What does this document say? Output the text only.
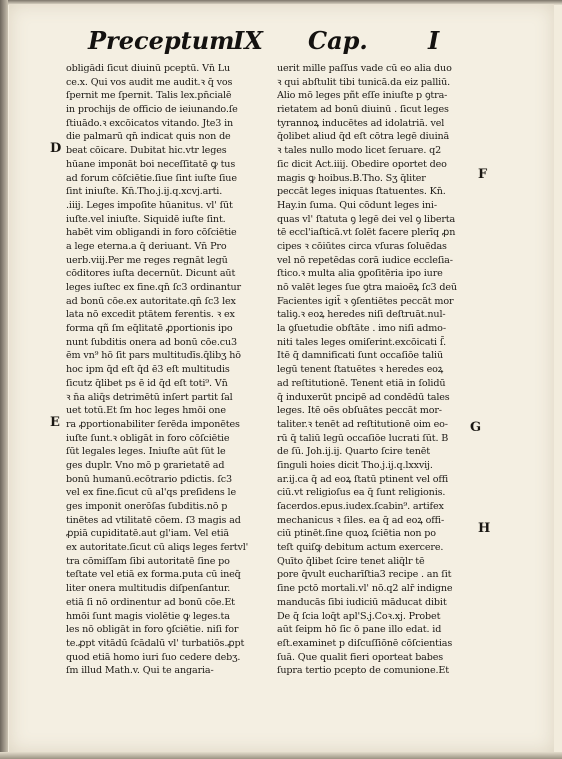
Preceptum
IX Cap.	I
D
E
F
G
H
obligādi ſicut diuinū pceptū. Vn̄ Lu
ce.x. Qui vos audit me audit.ꝛ q̄ vos
ſpernit me ſpernit. Talis lex.pn̄cialē
in prochijs de officio de ieiunando.ſe
ſtiuādo.ꝛ excōicatos vitando. Jte3 in
die palmarū qn̄ indicat quis non de
beat cōicare. Dubitat hic.vtr leges
hūane imponāt boi neceſſitatē ꝙ tus
ad forum cōſciētie.ſiue ſint iuſte ſiue
ſint iniuſte. Kn̄.Tho.j.ij.q.xcvj.arti.
.iiij. Leges impoſite hūanitus. vl' ſūt
iuſte.vel iniuſte. Siquidē iuſte ſint.
habēt vim obligandi in foro cōſciētie
a lege eterna.a q̄ deriuant. Vn̄ Pro
uerb.viij.Per me reges regnāt legū
cōditores iuſta decernūt. Dicunt aūt
leges iuſtec ex fine.qn̄ ſc3 ordinantur
ad bonū cōe.ex autoritate.qn̄ ſc3 lex
lata nō excedit ptātem ferentis. ꝛ ex
forma qñ ſm eq̄litatē ꝓportionis ipo
nunt ſubditis onera ad bonū cōe.cu3
ēm vn⁹ hō ſit pars multitudīs.q̄libʒ hō
hoc ipm q̄d eſt q̄d ē3 eſt multitudis
ſicutz q̄libet ps ē id q̄d eſt toti⁹. Vn̄
ꝛ n̄a aliq̄s detrimētū inſert partit ſal
uet totū.Et ſm hoc leges hmōi one
ra ꝓportionabiliter ſerēda imponētes
iuſte ſunt.ꝛ obligāt in foro cōſciētie
ſūt legales leges. Iniuſte aūt ſūt le
ges duplr. Vno mō p ꝯrarietatē ad
bonū humanū.ecōtrario pdictis. ſc3
vel ex fine.ſicut cū al'qs preſidens le
ges imponit onerōſas ſubditis.nō p
tinētes ad vtilitatē cōem. ſ3 magis ad
ꝓpiā cupiditatē.aut gl'iam. Vel etiā
ex autoritate.ſicut cū aliqs leges fertvl'
tra cōmiſſam ſibi autoritatē ſine po
teſtate vel etiā ex forma.puta cū ineq̄
liter onera multitudis diſpenſantur.
etiā ſi nō ordinentur ad bonū cōe.Et
hmōi ſunt magis violētie ꝙ leges.ta
les nō obligāt in foro ꝯſciētie. niſi for
te.ꝓpt vitādū ſcādalū vl' turbatiōs.ꝓpt
quod etiā homo iuri ſuo cedere debʒ.
ſm illud Math.v. Qui te angaria-
uerit mille paſſus vade cū eo alia duo
ꝛ qui abſtulit tibi tunicā.da eiz palliū.
Alio mō leges pñt eſſe iniuſte p ꝯtra-
rietatem ad bonū diuinū . ſicut leges
tyrannoꝝ inducētes ad idolatriā. vel
q̄olibet aliud q̄d eſt cōtra legē diuinā
ꝛ tales nullo modo licet ſeruare. q2
ſic dicit Act.iiij. Obedire oportet deo
magis ꝙ hoibus.B.Tho. Sʒ q̄liter
peccāt leges iniquas ſtatuentes. Kn̄.
Hay.in ſuma. Qui cōdunt leges ini-
quas vl' ſtatuta ꝯ legē dei vel ꝯ liberta
tē eccl'iaſticā.vt ſolēt facere plerīq ꝓn
cipes ꝛ cōiūtes circa vſuras ſoluēdas
vel nō repetēdas corā iudice eccleſia-
ſtico.ꝛ multa alia ꝯpoſitēria ipo iure
nō valēt leges ſue ꝯtra maioēꝝ ſc3 deū
Facientes igit̄ ꝛ ꝯſentiētes peccāt mor
taliꝯ.ꝛ eoꝝ heredes niſi deſtruāt.nul-
la ꝯſuetudie obſtāte . imo niſi admo-
niti tales leges omiſerint.excōicati ſ̄.
Itē q̄ damnificati ſunt occaſiōe taliū
legū tenent ſtatuētes ꝛ heredes eoꝝ
ad reſtitutionē. Tenent etiā in ſolidū
q̄ induxerūt pncipē ad condēdū tales
leges. Itē oēs obſuātes peccāt mor-
taliter.ꝛ tenēt ad reſtitutionē oim eo-
rū q̄ taliū legū occaſiōe lucrati ſūt. B
de ſū. Joh.ij.ij. Quarto ſcire tenēt
ſinguli hoies dicit Tho.j.ij.q.lxxvij.
ar.ij.ca q̄ ad eoꝝ ſtatū ptinent vel offi
ciū.vt religioſus ea q̄ ſunt religionis.
ſacerdos.epus.iudex.ſcabin⁹. artifex
mechanicus ꝛ ſiles. ea q̄ ad eoꝝ offi-
ciū ptinēt.ſine quoꝝ ſciētia non po
teſt quiſꝙ debitum actum exercere.
Quīto q̄libet ſcire tenet aliq̄lr tē
pore q̄vult eucharīſtia3 recipe . an ſit
ſine pctō mortali.vl' nō.q2 alr̄ indigne
manducās ſibi iudiciū māducat dibit
De q̄ ſcia loq̄t apl'S.j.Coꝛ.xj. Probet
aūt ſeipm hō ſic ō pane illo edat. id
eſt.examinet p diſcuſſiōnē cōſcientias
ſuā. Que qualit fieri oporteat babes
ſupra tertio pcepto de comunione.Et
